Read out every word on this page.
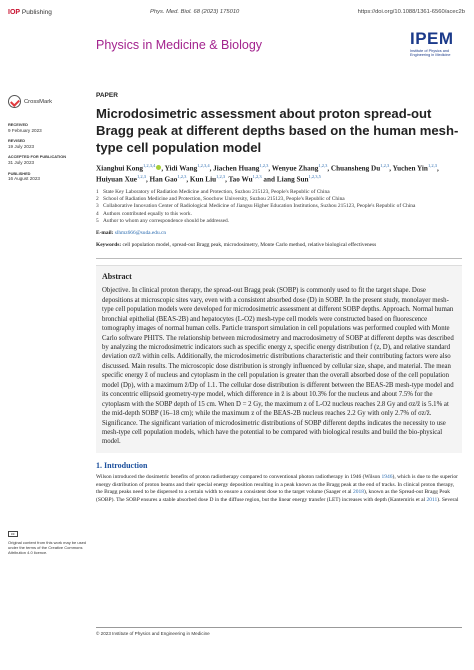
IOP Publishing	Phys. Med. Biol. 68 (2023) 175010	https://doi.org/10.1088/1361-6560/acec2b
Physics in Medicine & Biology	IPEM
Institute of Physics and Engineering in Medicine
CrossMark
RECEIVED
9 February 2023
REVISED
19 July 2023
ACCEPTED FOR PUBLICATION
31 July 2023
PUBLISHED
16 August 2023
cc

Original content from this work may be used under the terms of the Creative Commons Attribution 4.0 licence.

PAPER
Microdosimetric assessment about proton spread-out Bragg peak at different depths based on the human mesh-type cell population model
Xianghui Kong$^{1,2,3,4}$ , Yidi Wang$^{1,2,3,4}$, Jiachen Huang$^{1,2,3}$, Wenyue Zhang$^{1,2,3}$, Chuansheng Du$^{1,2,3}$, Yuchen Yin$^{1,2,3}$, Huiyuan Xue$^{1,2,3}$, Han Gao$^{1,2,3}$, Kun Liu$^{1,2,3}$, Tao Wu$^{1,2,3}$ and Liang Sun$^{1,2,3,5}$
1 State Key Laboratory of Radiation Medicine and Protection, Suzhou 215123, People's Republic of China
2 School of Radiation Medicine and Protection, Soochow University, Suzhou 215123, People's Republic of China
3 Collaborative Innovation Center of Radiological Medicine of Jiangsu Higher Education Institutions, Suzhou 215123, People's Republic of China
4 Authors contributed equally to this work.
5 Author to whom any correspondence should be addressed.
E-mail: slhmz666@suda.edu.cn
Keywords: cell population model, spread-out Bragg peak, microdosimetry, Monte Carlo method, relative biological effectiveness
Abstract

Objective. In clinical proton therapy, the spread-out Bragg peak (SOBP) is commonly used to fit the target shape. Dose depositions at microscopic sites vary, even with a consistent absorbed dose (D) in SOBP. In the present study, monolayer mesh-type cell population models were developed for microdosimetric assessment at different SOBP depths. Approach. Normal human bronchial epithelial (BEAS-2B) and hepatocytes (L-O2) mesh-type cell models were constructed based on fluorescence tomography images of normal human cells. Particle transport simulation in cell populations was performed coupled with Monte Carlo software PHITS. The relationship between microdosimetry and macrodosimetry of SOBP at different depths was described by analyzing the microdosimetric indicators such as specific energy z, specific energy distribution f (z, D), and relative standard deviation σz/z̄ within cells. Additionally, the microdosimetric distributions characteristic and their contributing factors were also discussed. Main results. The microscopic dose distribution is strongly influenced by cellular size, shape, and material. The mean specific energy z̄ of nucleus and cytoplasm in the cell population is greater than the overall absorbed dose of the cell population model (Dp), with a maximum z̄/Dp of 1.1. The cellular dose distribution is different between the BEAS-2B mesh-type model and its concentric ellipsoid geometry-type model, which difference in z̄ is about 10.3% for the nucleus and about 7.5% for the cytoplasm with the SOBP depth of 15 cm. When D = 2 Gy, the maximum z of L-O2 nucleus reaches 2.8 Gy and σz/z̄ is 5.1% at the mid-depth SOBP (16–18 cm); while the maximum z of the BEAS-2B nucleus reaches 2.2 Gy with only 2.7% of σz/z̄. Significance. The significant variation of microdosimetric distributions of SOBP different depths indicates the necessity to use mesh-type cell population models, which have the potential to be compared with biological results and build the bio-physical model.

1. Introduction

Wilson introduced the dosimetric benefits of proton radiotherapy compared to conventional photon radiotherapy in 1946 (Wilson 1946), which is due to the superior energy distribution of proton beams and their special energy deposition resulting in a peak known as the Bragg peak at the end of tracks. In clinical proton therapy, the Bragg peaks need to be dispersed to a certain width to ensure a consistent dose to the target volume (Saager et al 2018), known as the Spread-out Bragg Peak (SOBP). The SOBP ensures a stable absorbed dose D in the diffuse region, but the linear energy transfer (LET) increases with depth (Kantemiris et al 2011). Several

© 2023 Institute of Physics and Engineering in Medicine
